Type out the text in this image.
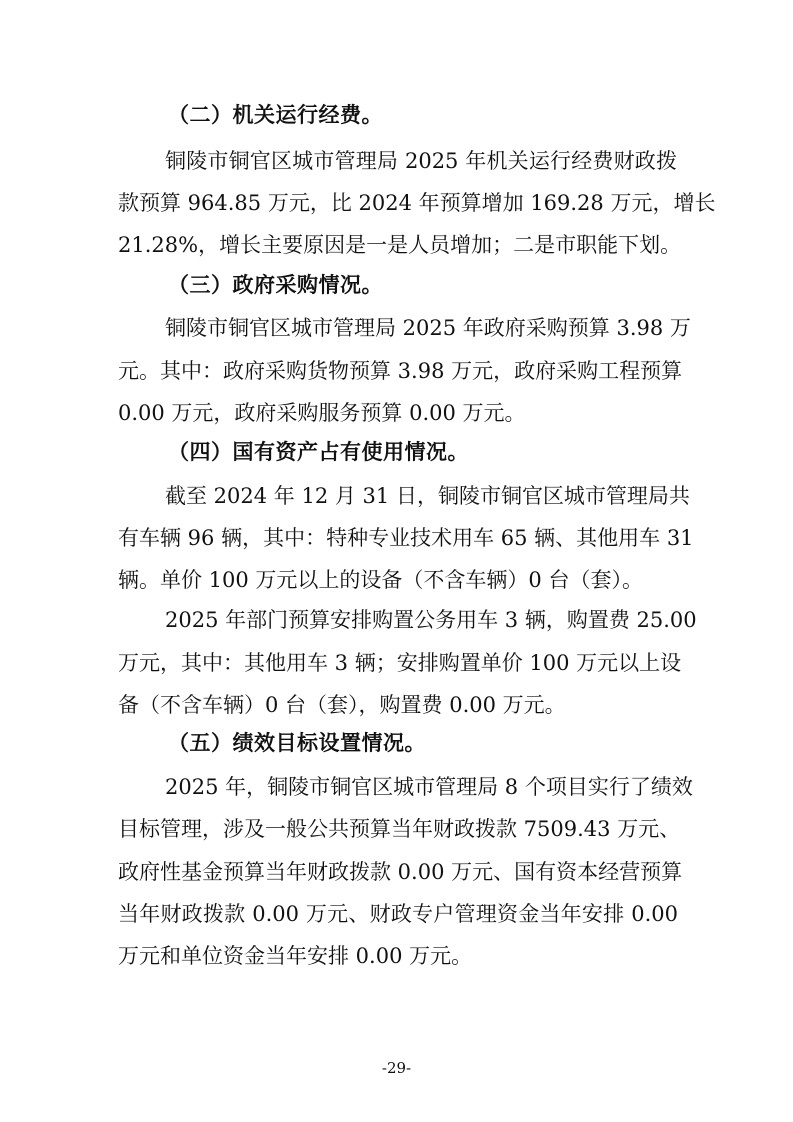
（二）机关运行经费。
铜陵市铜官区城市管理局 2025 年机关运行经费财政拨
款预算 964.85 万元，比 2024 年预算增加 169.28 万元，增长
21.28%，增长主要原因是一是人员增加；二是市职能下划。
（三）政府采购情况。
铜陵市铜官区城市管理局 2025 年政府采购预算 3.98 万
元。其中：政府采购货物预算 3.98 万元，政府采购工程预算
0.00 万元，政府采购服务预算 0.00 万元。
（四）国有资产占有使用情况。
截至 2024 年 12 月 31 日，铜陵市铜官区城市管理局共
有车辆 96 辆，其中：特种专业技术用车 65 辆、其他用车 31
辆。单价 100 万元以上的设备（不含车辆）0 台（套）。
2025 年部门预算安排购置公务用车 3 辆，购置费 25.00
万元，其中：其他用车 3 辆；安排购置单价 100 万元以上设
备（不含车辆）0 台（套），购置费 0.00 万元。
（五）绩效目标设置情况。
2025 年，铜陵市铜官区城市管理局 8 个项目实行了绩效
目标管理，涉及一般公共预算当年财政拨款 7509.43 万元、
政府性基金预算当年财政拨款 0.00 万元、国有资本经营预算
当年财政拨款 0.00 万元、财政专户管理资金当年安排 0.00
万元和单位资金当年安排 0.00 万元。
-29-
